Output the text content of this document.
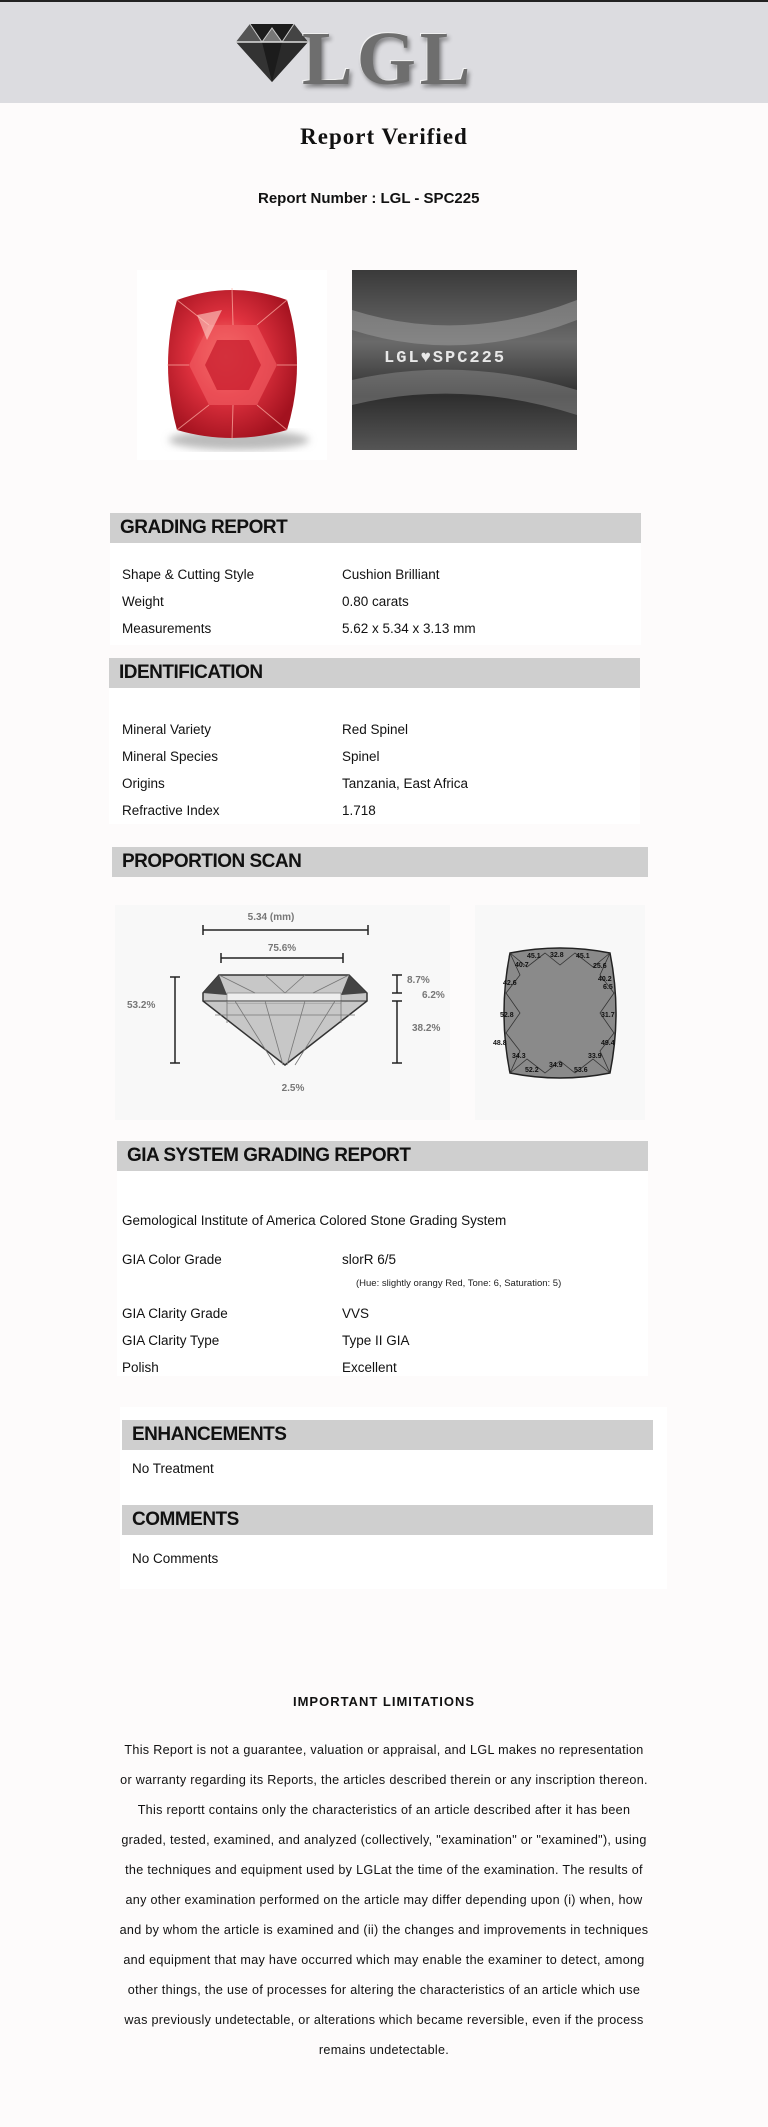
LGL
Report Verified
Report Number : LGL - SPC225
LGL♥SPC225
GRADING REPORT
Shape & Cutting Style	Cushion Brilliant
Weight	0.80 carats
Measurements	5.62 x 5.34 x 3.13 mm
IDENTIFICATION
Mineral Variety	Red Spinel
Mineral Species	Spinel
Origins	Tanzania, East Africa
Refractive Index	1.718
PROPORTION SCAN
5.34 (mm)
75.6%
53.2%
8.7%
6.2%
38.2%
2.5%
45.1 32.8 45.1
25.6
40.7
42.6
40.2
6.5
52.8	31.7
48.8	49.4
34.3	33.9
52.2
34.9
53.6
GIA SYSTEM GRADING REPORT
Gemological Institute of America Colored Stone Grading System
GIA Color Grade	slorR 6/5
(Hue: slightly orangy Red, Tone: 6, Saturation: 5)
GIA Clarity Grade	VVS
GIA Clarity Type	Type II GIA
Polish	Excellent
ENHANCEMENTS
No Treatment
COMMENTS
No Comments
IMPORTANT LIMITATIONS
This Report is not a guarantee, valuation or appraisal, and LGL makes no representation or warranty regarding its Reports, the articles described therein or any inscription thereon. This reportt contains only the characteristics of an article described after it has been graded, tested, examined, and analyzed (collectively, "examination" or "examined"), using the techniques and equipment used by LGLat the time of the examination. The results of any other examination performed on the article may differ depending upon (i) when, how and by whom the article is examined and (ii) the changes and improvements in techniques and equipment that may have occurred which may enable the examiner to detect, among other things, the use of processes for altering the characteristics of an article which use was previously undetectable, or alterations which became reversible, even if the process remains undetectable.
